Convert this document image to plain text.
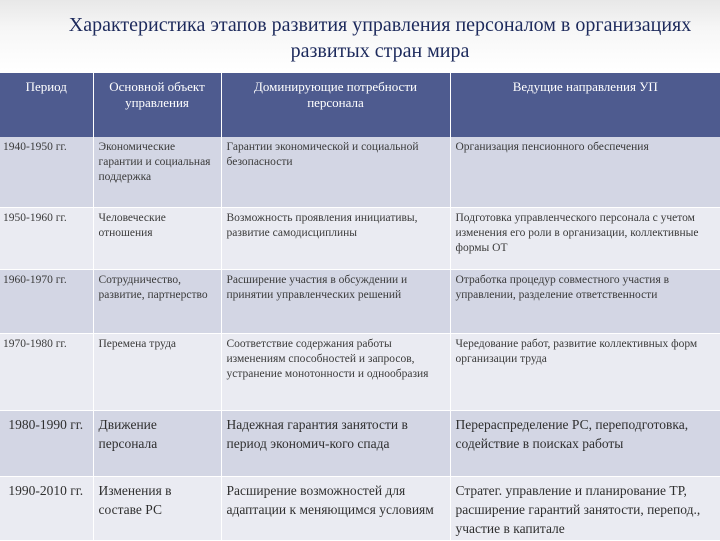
Характеристика этапов развития управления персоналом в организациях развитых стран мира
Период	Основной объект управления	Доминирующие потребности персонала	Ведущие направления УП
1940-1950 гг.	Экономические гарантии и социальная поддержка	Гарантии экономической и социальной безопасности	Организация пенсионного обеспечения
1950-1960 гг.	Человеческие отношения	Возможность проявления инициативы, развитие самодисциплины	Подготовка управленческого персонала с учетом изменения его роли в организации, коллективные формы ОТ
1960-1970 гг.	Сотрудничество, развитие, партнерство	Расширение участия в обсуждении и принятии управленческих решений	Отработка процедур совместного участия в управлении, разделение ответственности
1970-1980 гг.	Перемена труда	Соответствие содержания работы изменениям способностей и запросов, устранение монотонности и однообразия	Чередование работ, развитие коллективных форм организации труда
1980-1990 гг.	Движение персонала	Надежная гарантия занятости в период экономич-кого спада	Перераспределение РС, переподготовка, содействие в поисках работы
1990-2010 гг.	Изменения в составе РС	Расширение возможностей для адаптации к меняющимся условиям	Стратег. управление и планирование ТР, расширение гарантий занятости, перепод., участие в капитале
